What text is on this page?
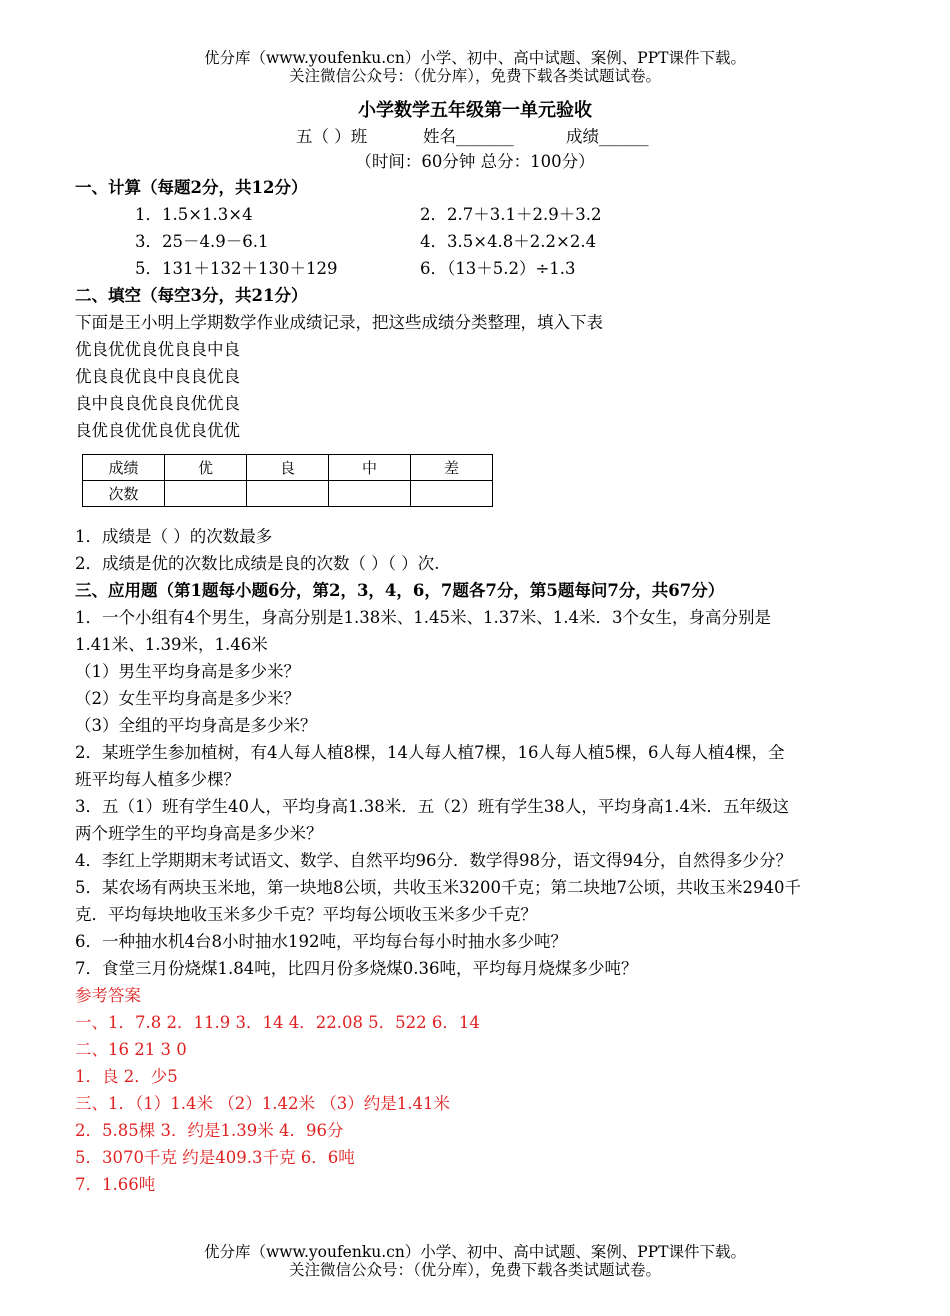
优分库（www.youfenku.cn）小学、初中、高中试题、案例、PPT课件下载。
关注微信公众号：（优分库），免费下载各类试题试卷。
小学数学五年级第一单元验收
五（ ）班	姓名_______	成绩______
（时间：60分钟 总分：100分）
一、计算（每题2分，共12分）
1．1.5×1.3×4	2．2.7＋3.1＋2.9＋3.2
3．25－4.9－6.1	4．3.5×4.8＋2.2×2.4
5．131＋132＋130＋129	6．（13＋5.2）÷1.3
二、填空（每空3分，共21分）
下面是王小明上学期数学作业成绩记录，把这些成绩分类整理，填入下表
优良优优良优良良中良
优良良优良中良良优良
良中良良优良良优优良
良优良优优良优良优优
成绩	优	良	中	差
次数				
1．成绩是（ ）的次数最多
2．成绩是优的次数比成绩是良的次数（ ）（ ）次.
三、应用题（第1题每小题6分，第2，3，4，6，7题各7分，第5题每问7分，共67分）
1．一个小组有4个男生，身高分别是1.38米、1.45米、1.37米、1.4米．3个女生，身高分别是
1.41米、1.39米，1.46米
（1）男生平均身高是多少米？
（2）女生平均身高是多少米？
（3）全组的平均身高是多少米？
2．某班学生参加植树，有4人每人植8棵，14人每人植7棵，16人每人植5棵，6人每人植4棵，全
班平均每人植多少棵？
3．五（1）班有学生40人，平均身高1.38米．五（2）班有学生38人，平均身高1.4米．五年级这
两个班学生的平均身高是多少米？
4．李红上学期期末考试语文、数学、自然平均96分．数学得98分，语文得94分，自然得多少分？
5．某农场有两块玉米地，第一块地8公顷，共收玉米3200千克；第二块地7公顷，共收玉米2940千
克．平均每块地收玉米多少千克？平均每公顷收玉米多少千克？
6．一种抽水机4台8小时抽水192吨，平均每台每小时抽水多少吨？
7．食堂三月份烧煤1.84吨，比四月份多烧煤0.36吨，平均每月烧煤多少吨？
参考答案
一、1．7.8 2．11.9 3．14 4．22.08 5．522 6．14
二、16 21 3 0
1．良 2．少5
三、1．（1）1.4米 （2）1.42米 （3）约是1.41米
2．5.85棵 3．约是1.39米 4．96分
5．3070千克 约是409.3千克 6．6吨
7．1.66吨
优分库（www.youfenku.cn）小学、初中、高中试题、案例、PPT课件下载。
关注微信公众号：（优分库），免费下载各类试题试卷。
